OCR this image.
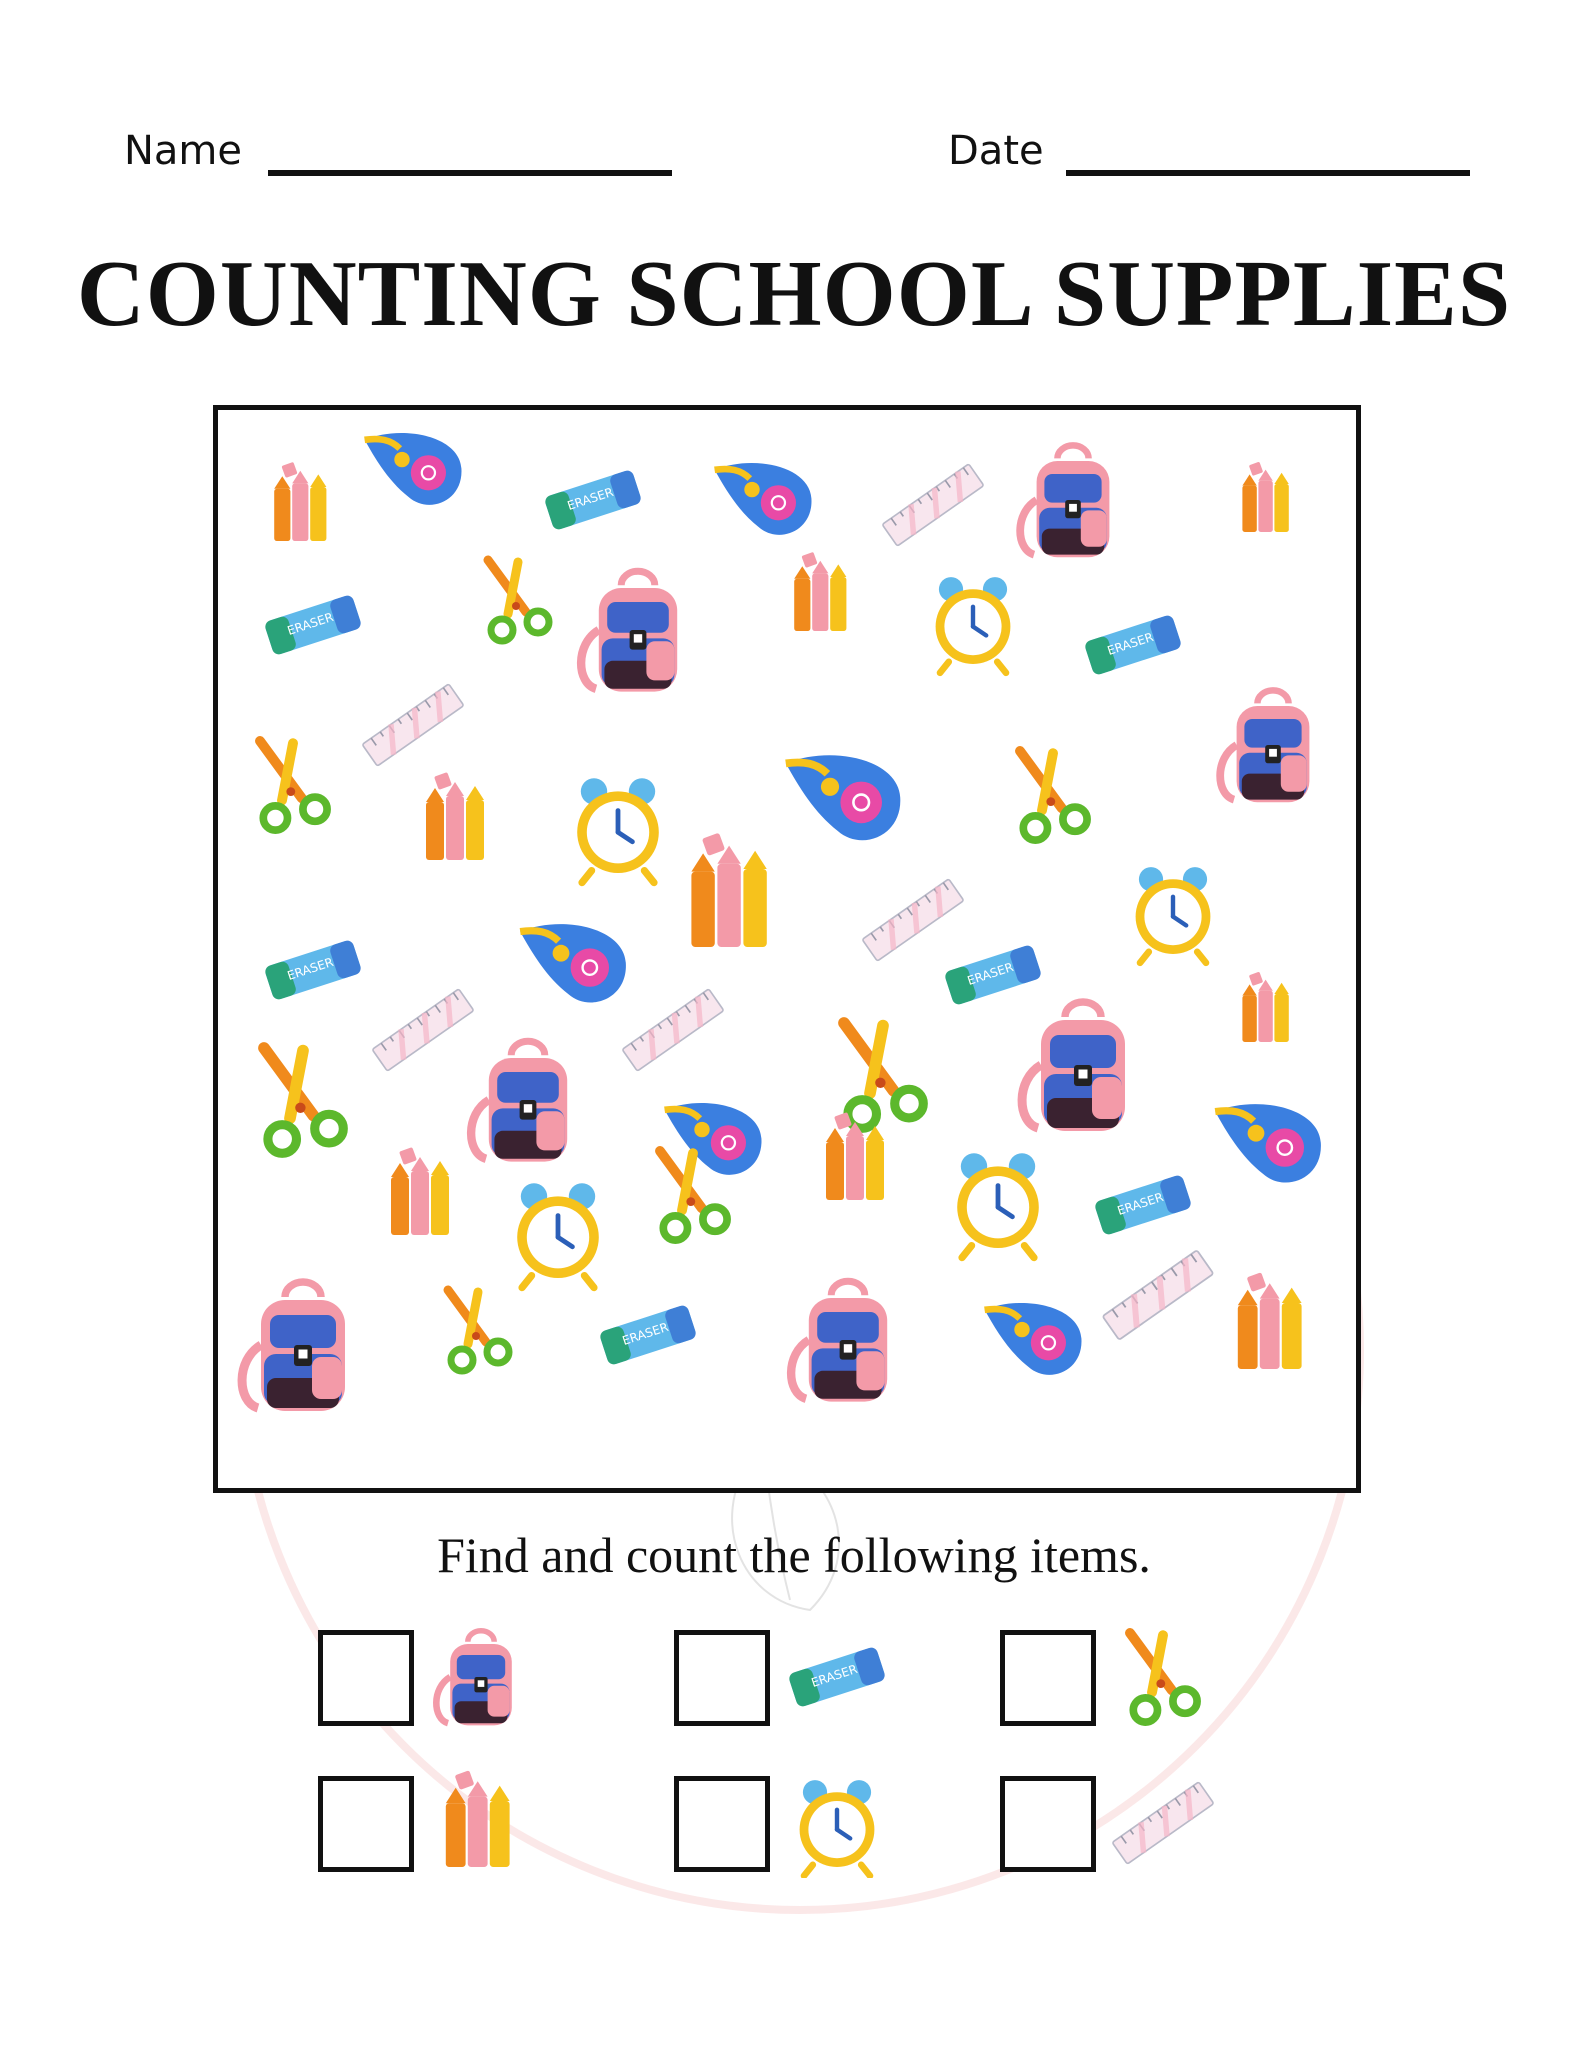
Name	Date
COUNTING SCHOOL SUPPLIES
ERASER
ERASER
ERASER
ERASER	ERASER
ERASER
ERASER
Find and count the following items.
ERASER
